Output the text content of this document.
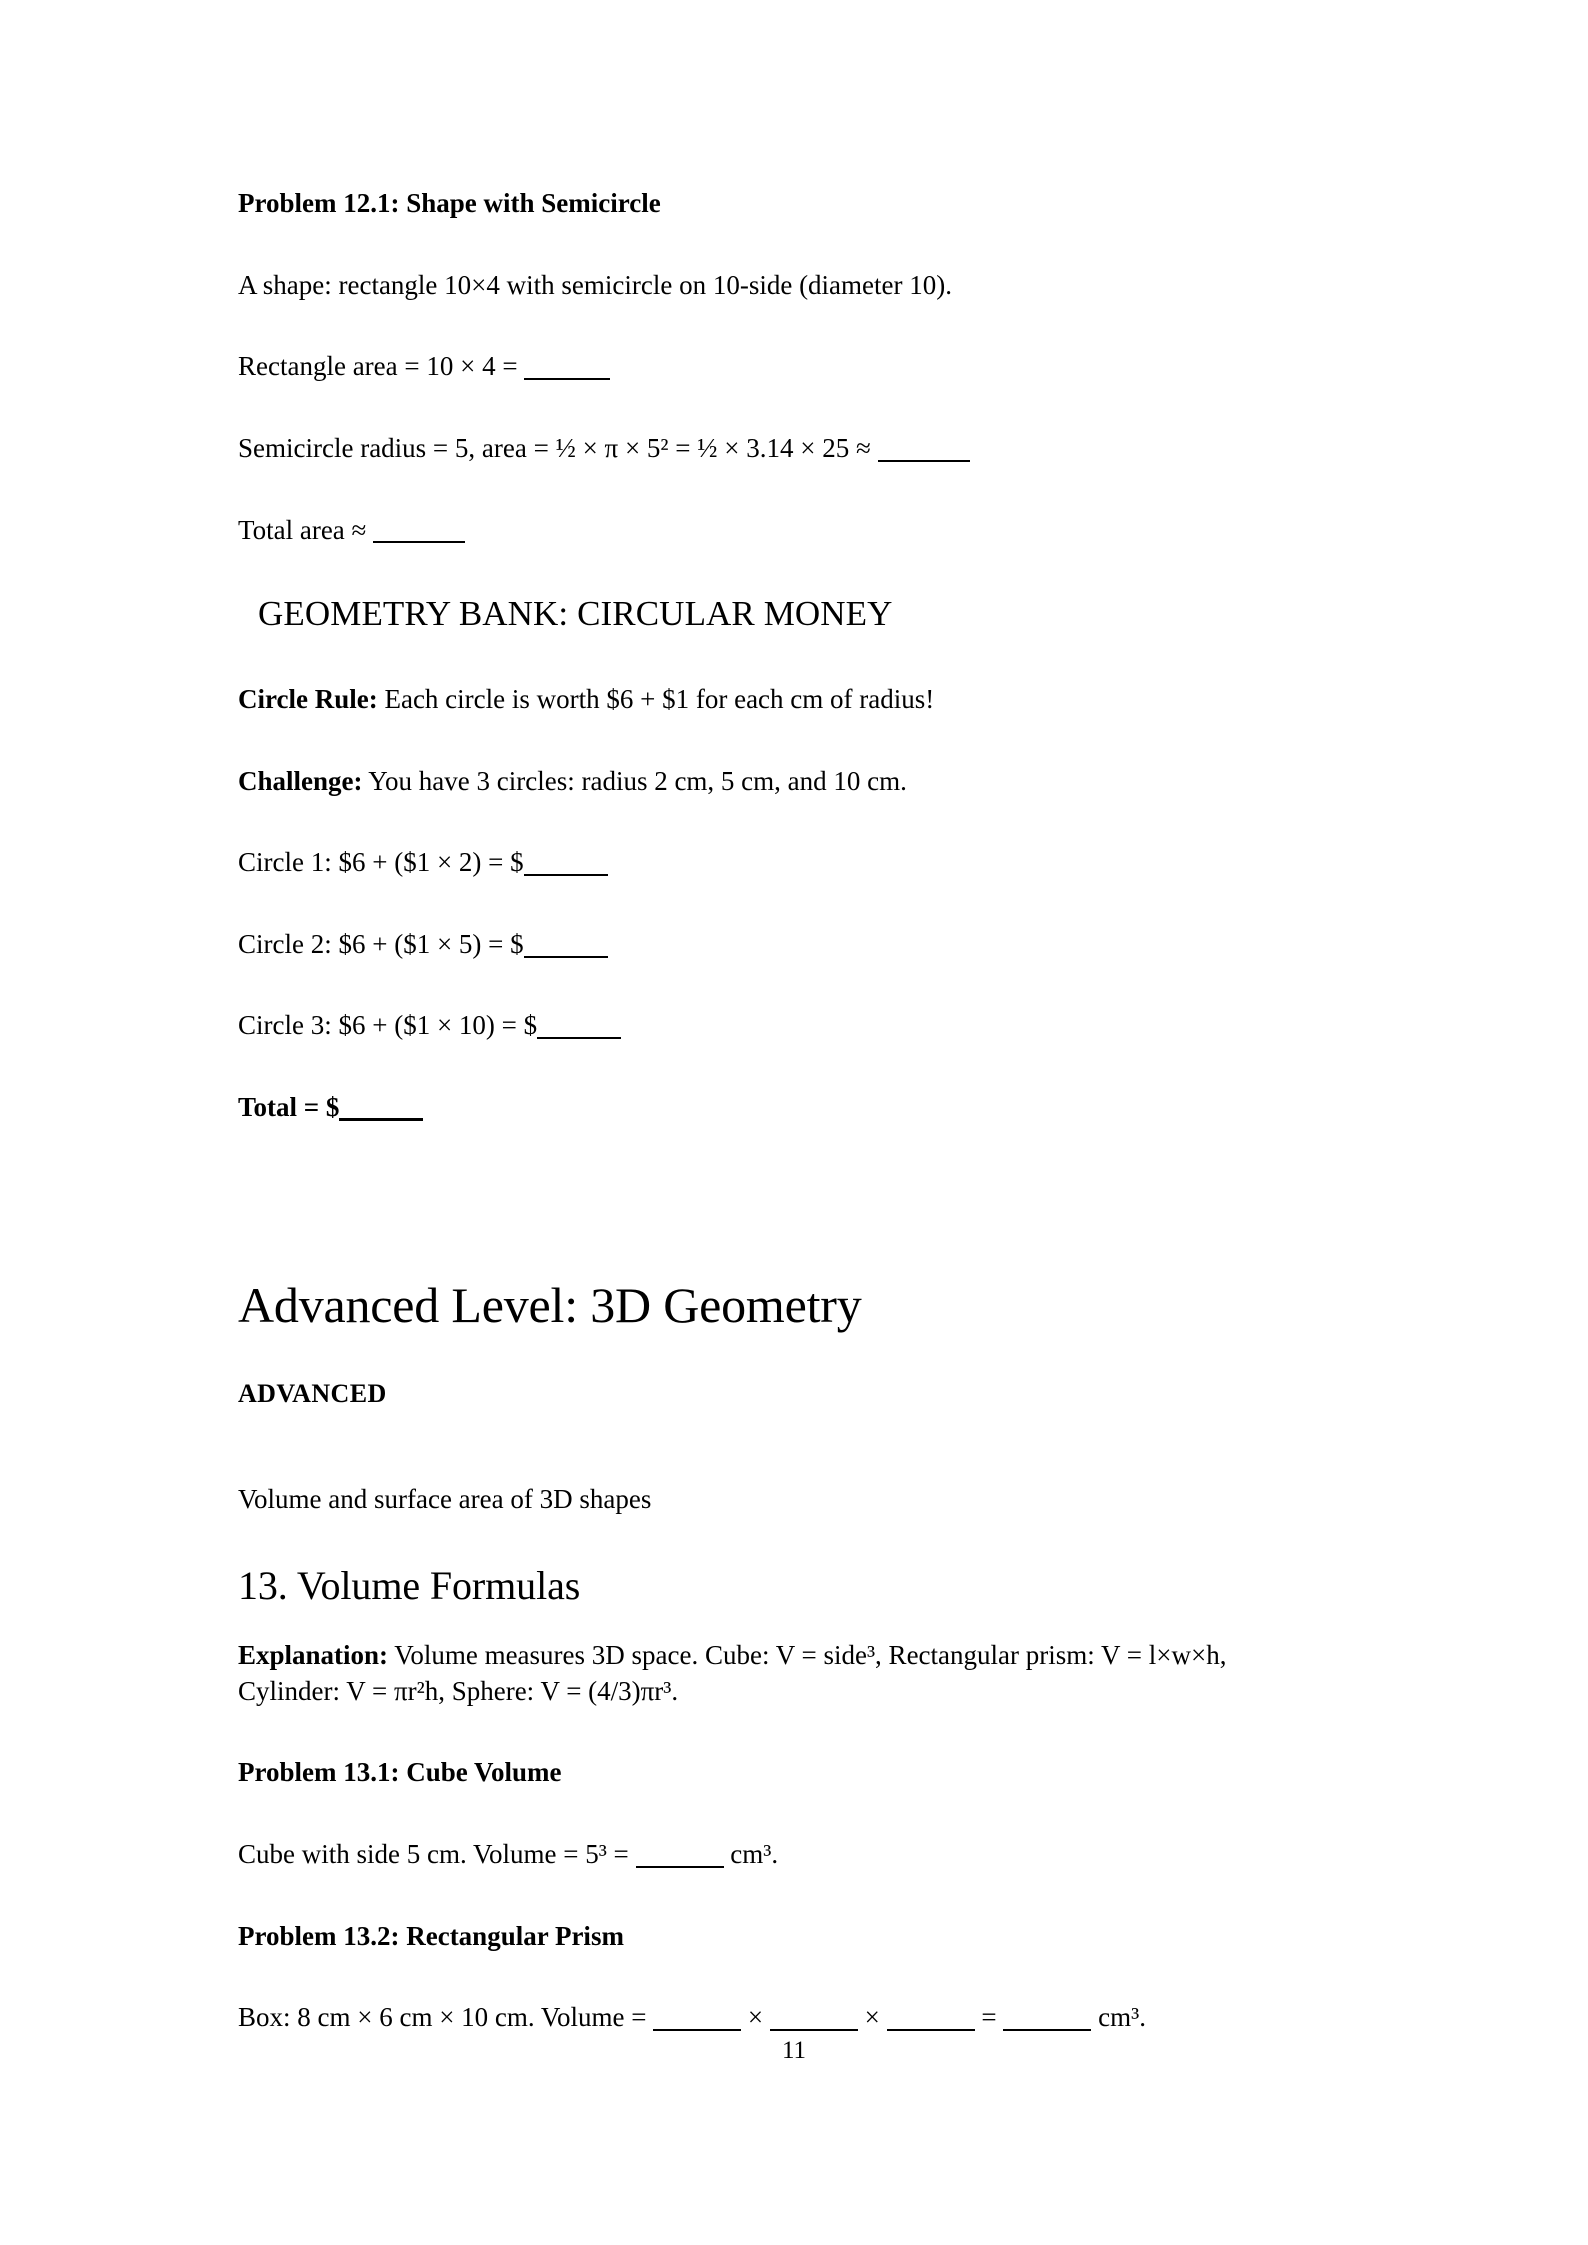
Problem 12.1: Shape with Semicircle

A shape: rectangle 10×4 with semicircle on 10-side (diameter 10).

Rectangle area = 10 × 4 =

Semicircle radius = 5, area = ½ × π × 5² = ½ × 3.14 × 25 ≈

Total area ≈

GEOMETRY BANK: CIRCULAR MONEY

Circle Rule: Each circle is worth $6 + $1 for each cm of radius!

Challenge: You have 3 circles: radius 2 cm, 5 cm, and 10 cm.

Circle 1: $6 + ($1 × 2) = $

Circle 2: $6 + ($1 × 5) = $

Circle 3: $6 + ($1 × 10) = $

Total = $

Advanced Level: 3D Geometry

ADVANCED

Volume and surface area of 3D shapes

13. Volume Formulas

Explanation: Volume measures 3D space. Cube: V = side³, Rectangular prism: V = l×w×h, Cylinder: V = πr²h, Sphere: V = (4/3)πr³.

Problem 13.1: Cube Volume

Cube with side 5 cm. Volume = 5³ =	cm³.

Problem 13.2: Rectangular Prism

Box: 8 cm × 6 cm × 10 cm. Volume =	×	×	=	cm³.

11
